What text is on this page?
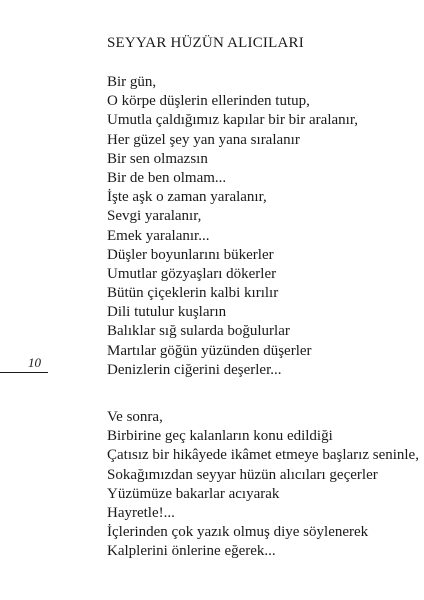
SEYYAR HÜZÜN ALICILARI
Bir gün,
O körpe düşlerin ellerinden tutup,
Umutla çaldığımız kapılar bir bir aralanır,
Her güzel şey yan yana sıralanır
Bir sen olmazsın
Bir de ben olmam...
İşte aşk o zaman yaralanır,
Sevgi yaralanır,
Emek yaralanır...
Düşler boyunlarını bükerler
Umutlar gözyaşları dökerler
Bütün çiçeklerin kalbi kırılır
Dili tutulur kuşların
Balıklar sığ sularda boğulurlar
Martılar göğün yüzünden düşerler
Denizlerin ciğerini deşerler...
10
Ve sonra,
Birbirine geç kalanların konu edildiği
Çatısız bir hikâyede ikâmet etmeye başlarız seninle,
Sokağımızdan seyyar hüzün alıcıları geçerler
Yüzümüze bakarlar acıyarak
Hayretle!...
İçlerinden çok yazık olmuş diye söylenerek
Kalplerini önlerine eğerek...
